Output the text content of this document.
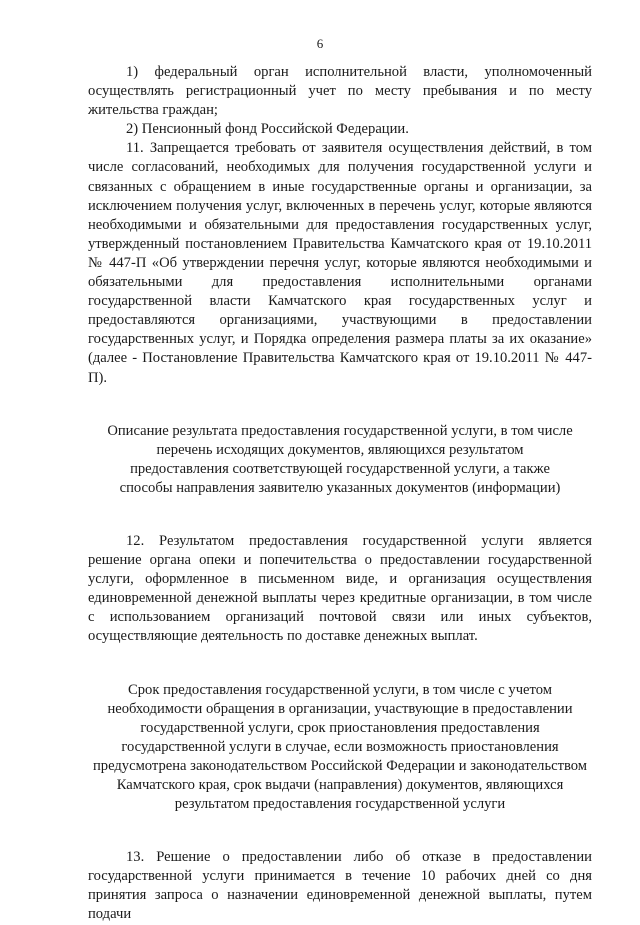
6

1) федеральный орган исполнительной власти, уполномоченный осуществлять регистрационный учет по месту пребывания и по месту жительства граждан;

2) Пенсионный фонд Российской Федерации.

11. Запрещается требовать от заявителя осуществления действий, в том числе согласований, необходимых для получения государственной услуги и связанных с обращением в иные государственные органы и организации, за исключением получения услуг, включенных в перечень услуг, которые являются необходимыми и обязательными для предоставления государственных услуг, утвержденный постановлением Правительства Камчатского края от 19.10.2011 № 447-П «Об утверждении перечня услуг, которые являются необходимыми и обязательными для предоставления исполнительными органами государственной власти Камчатского края государственных услуг и предоставляются организациями, участвующими в предоставлении государственных услуг, и Порядка определения размера платы за их оказание» (далее - Постановление Правительства Камчатского края от 19.10.2011 № 447-П).

Описание результата предоставления государственной услуги, в том числе перечень исходящих документов, являющихся результатом предоставления соответствующей государственной услуги, а также способы направления заявителю указанных документов (информации)

12. Результатом предоставления государственной услуги является решение органа опеки и попечительства о предоставлении государственной услуги, оформленное в письменном виде, и организация осуществления единовременной денежной выплаты через кредитные организации, в том числе с использованием организаций почтовой связи или иных субъектов, осуществляющие деятельность по доставке денежных выплат.

Срок предоставления государственной услуги, в том числе с учетом необходимости обращения в организации, участвующие в предоставлении государственной услуги, срок приостановления предоставления государственной услуги в случае, если возможность приостановления предусмотрена законодательством Российской Федерации и законодательством Камчатского края, срок выдачи (направления) документов, являющихся результатом предоставления государственной услуги

13. Решение о предоставлении либо об отказе в предоставлении государственной услуги принимается в течение 10 рабочих дней со дня принятия запроса о назначении единовременной денежной выплаты, путем подачи
